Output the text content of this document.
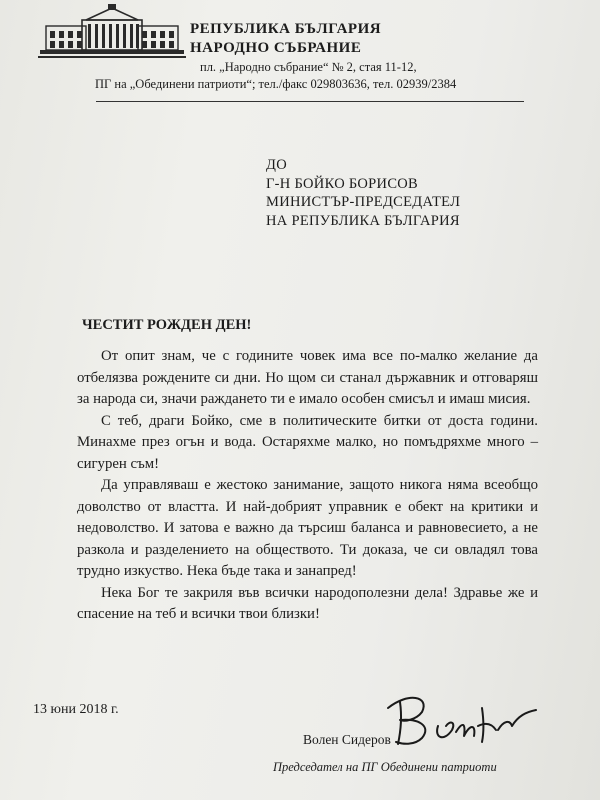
РЕПУБЛИКА БЪЛГАРИЯ
НАРОДНО СЪБРАНИЕ
пл. „Народно събрание“ № 2, стая 11-12,
ПГ на „Обединени патриоти“; тел./факс 029803636, тел. 02939/2384
ДО
Г-Н БОЙКО БОРИСОВ
МИНИСТЪР-ПРЕДСЕДАТЕЛ
НА РЕПУБЛИКА БЪЛГАРИЯ
ЧЕСТИТ РОЖДЕН ДЕН!

От опит знам, че с годините човек има все по-малко желание да отбелязва рождените си дни. Но щом си станал държавник и отговаряш за народа си, значи раждането ти е имало особен смисъл и имаш мисия.

С теб, драги Бойко, сме в политическите битки от доста години. Минахме през огън и вода. Остаряхме малко, но помъдряхме много – сигурен съм!

Да управляваш е жестоко занимание, защото никога няма всеобщо доволство от властта. И най-добрият управник е обект на критики и недоволство. И затова е важно да търсиш баланса и равновесието, а не разкола и разделението на обществото. Ти доказа, че си овладял това трудно изкуство. Нека бъде така и занапред!

Нека Бог те закриля във всички народополезни дела! Здравье же и спасение на теб и всички твои близки!

13 юни 2018 г.
Волен Сидеров
Председател на ПГ Обединени патриоти
